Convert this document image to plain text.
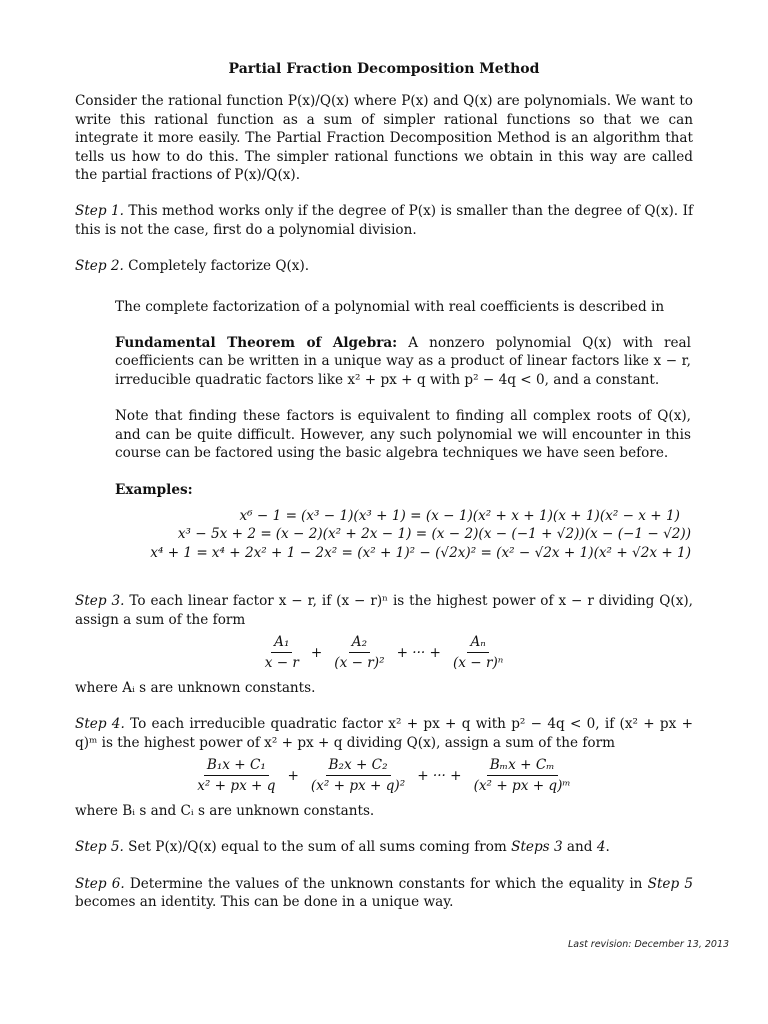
Partial Fraction Decomposition Method

Consider the rational function P(x)/Q(x) where P(x) and Q(x) are polynomials. We want to write this rational function as a sum of simpler rational functions so that we can integrate it more easily. The Partial Fraction Decomposition Method is an algorithm that tells us how to do this. The simpler rational functions we obtain in this way are called the partial fractions of P(x)/Q(x).

Step 1. This method works only if the degree of P(x) is smaller than the degree of Q(x). If this is not the case, first do a polynomial division.

Step 2. Completely factorize Q(x).

The complete factorization of a polynomial with real coefficients is described in

Fundamental Theorem of Algebra: A nonzero polynomial Q(x) with real coefficients can be written in a unique way as a product of linear factors like x − r, irreducible quadratic factors like x² + px + q with p² − 4q < 0, and a constant.

Note that finding these factors is equivalent to finding all complex roots of Q(x), and can be quite difficult. However, any such polynomial we will encounter in this course can be factored using the basic algebra techniques we have seen before.

Examples:

x⁶ − 1 = (x³ − 1)(x³ + 1) = (x − 1)(x² + x + 1)(x + 1)(x² − x + 1)
x³ − 5x + 2 = (x − 2)(x² + 2x − 1) = (x − 2)(x − (−1 + √2))(x − (−1 − √2))
x⁴ + 1 = x⁴ + 2x² + 1 − 2x² = (x² + 1)² − (√2x)² = (x² − √2x + 1)(x² + √2x + 1)

Step 3. To each linear factor x − r, if (x − r)ⁿ is the highest power of x − r dividing Q(x), assign a sum of the form

$\frac{\text{A₁}}{x - r} + \frac{\text{A₂}}{\text{(x − r)²}}$ + ··· + $\frac{\text{Aₙ}}{\text{(x − r)ⁿ}}$

where Aᵢ s are unknown constants.

Step 4. To each irreducible quadratic factor x² + px + q with p² − 4q < 0, if (x² + px + q)ᵐ is the highest power of x² + px + q dividing Q(x), assign a sum of the form

$\frac{\text{B₁x + C₁}}{\text{x² + px + q}} + \frac{\text{B₂x + C₂}}{\text{(x² + px + q)²}}$ + ··· + $\frac{\text{Bₘx + Cₘ}}{\text{(x² + px + q)ᵐ}}$

where Bᵢ s and Cᵢ s are unknown constants.

Step 5. Set P(x)/Q(x) equal to the sum of all sums coming from Steps 3 and 4.

Step 6. Determine the values of the unknown constants for which the equality in Step 5 becomes an identity. This can be done in a unique way.

Last revision: December 13, 2013
